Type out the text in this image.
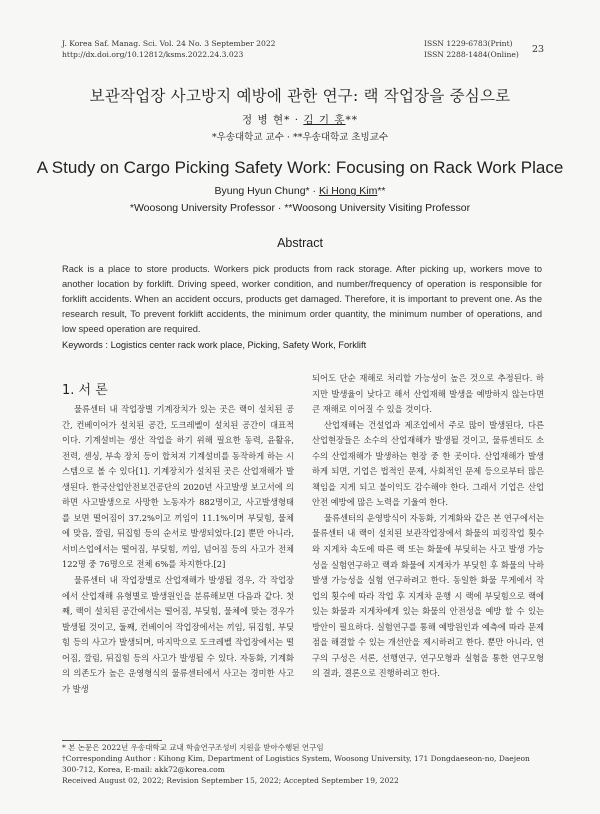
J. Korea Saf. Manag. Sci. Vol. 24 No. 3 September 2022
http://dx.doi.org/10.12812/ksms.2022.24.3.023
ISSN 1229-6783(Print)
ISSN 2288-1484(Online) 23
보관작업장 사고방지 예방에 관한 연구: 랙 작업장을 중심으로
정 병 현* · 김 기 홍**
*우송대학교 교수 · **우송대학교 초빙교수
A Study on Cargo Picking Safety Work: Focusing on Rack Work Place
Byung Hyun Chung* · Ki Hong Kim**
*Woosong University Professor · **Woosong University Visiting Professor
Abstract
Rack is a place to store products. Workers pick products from rack storage. After picking up, workers move to another location by forklift. Driving speed, worker condition, and number/frequency of operation is responsible for forklift accidents. When an accident occurs, products get damaged. Therefore, it is important to prevent one. As the research result, To prevent forklift accidents, the minimum order quantity, the minimum number of operations, and low speed operation are required.
Keywords : Logistics center rack work place, Picking, Safety Work, Forklift
1. 서 론

물류센터 내 작업장별 기계장치가 있는 곳은 랙이 설치된 공간, 컨베이어가 설치된 공간, 도크레벨이 설치된 공간이 대표적이다. 기계설비는 생산 작업을 하기 위해 필요한 동력, 윤활유, 전력, 센싱, 부속 장치 등이 합쳐져 기계설비를 동작하게 하는 시스템으로 볼 수 있다[1]. 기계장치가 설치된 곳은 산업재해가 발생된다. 한국산업안전보건공단의 2020년 사고발생 보고서에 의하면 사고발생으로 사망한 노동자가 882명이고, 사고발생형태를 보면 떨어짐이 37.2%이고 끼임이 11.1%이며 부딪힘, 물체에 맞음, 깔림, 뒤집힘 등의 순서로 발생되었다.[2] 뿐만 아니라, 서비스업에서는 떨어짐, 부딪힘, 끼임, 넘어짐 등의 사고가 전체 122명 중 76명으로 전체 6%를 차지한다.[2]

물류센터 내 작업장별로 산업재해가 발생될 경우, 각 작업장에서 산업재해 유형별로 발생원인을 분류해보면 다음과 같다. 첫째, 랙이 설치된 공간에서는 떨어짐, 부딪힘, 물체에 맞는 경우가 발생될 것이고, 둘째, 컨베이어 작업장에서는 끼임, 뒤집힘, 부딪힘 등의 사고가 발생되며, 마지막으로 도크레벨 작업장에서는 떨어짐, 깔림, 뒤집힘 등의 사고가 발생될 수 있다. 자동화, 기계화의 의존도가 높은 운영형식의 물류센터에서 사고는 경미한 사고가 발생

되어도 단순 재해로 처리할 가능성이 높은 것으로 추정된다. 하지만 발생율이 낮다고 해서 산업재해 발생을 예방하지 않는다면 큰 재해로 이어질 수 있을 것이다.

산업재해는 건설업과 제조업에서 주로 많이 발생된다, 다른 산업현장들은 소수의 산업재해가 발생될 것이고, 물류센터도 소수의 산업재해가 발생하는 현장 중 한 곳이다. 산업재해가 발생하게 되면, 기업은 법적인 문제, 사회적인 문제 등으로부터 많은 책임을 지게 되고 불이익도 감수해야 한다. 그래서 기업은 산업안전 예방에 많은 노력을 기울여 한다.

물류센터의 운영방식이 자동화, 기계화와 같은 본 연구에서는 물류센터 내 랙이 설치된 보관작업장에서 화물의 피킹작업 횟수와 지게차 속도에 따른 랙 또는 화물에 부딪히는 사고 발생 가능성을 실험연구하고 랙과 화물에 지게차가 부딪힌 후 화물의 낙하 발생 가능성을 실험 연구하려고 한다. 동일한 화물 무게에서 작업의 횟수에 따라 작업 후 지게차 운행 시 랙에 부딪힘으로 랙에 있는 화물과 지게차에게 있는 화물의 안전성을 예방 할 수 있는 방안이 필요하다. 실험연구를 통해 예방원인과 예측에 따라 문제점을 해결할 수 있는 개선안을 제시하려고 한다. 뿐만 아니라, 연구의 구성은 서론, 선행연구, 연구모형과 실험을 통한 연구모형의 결과, 결론으로 진행하려고 한다.

* 본 논문은 2022년 우송대학교 교내 학술연구조성비 지원을 받아수행된 연구임
†Corresponding Author : Kihong Kim, Department of Logistics System, Woosong University, 171 Dongdaeseon-no, Daejeon 300-712, Korea, E-mail: akk72@korea.com
Received August 02, 2022; Revision September 15, 2022; Accepted September 19, 2022
